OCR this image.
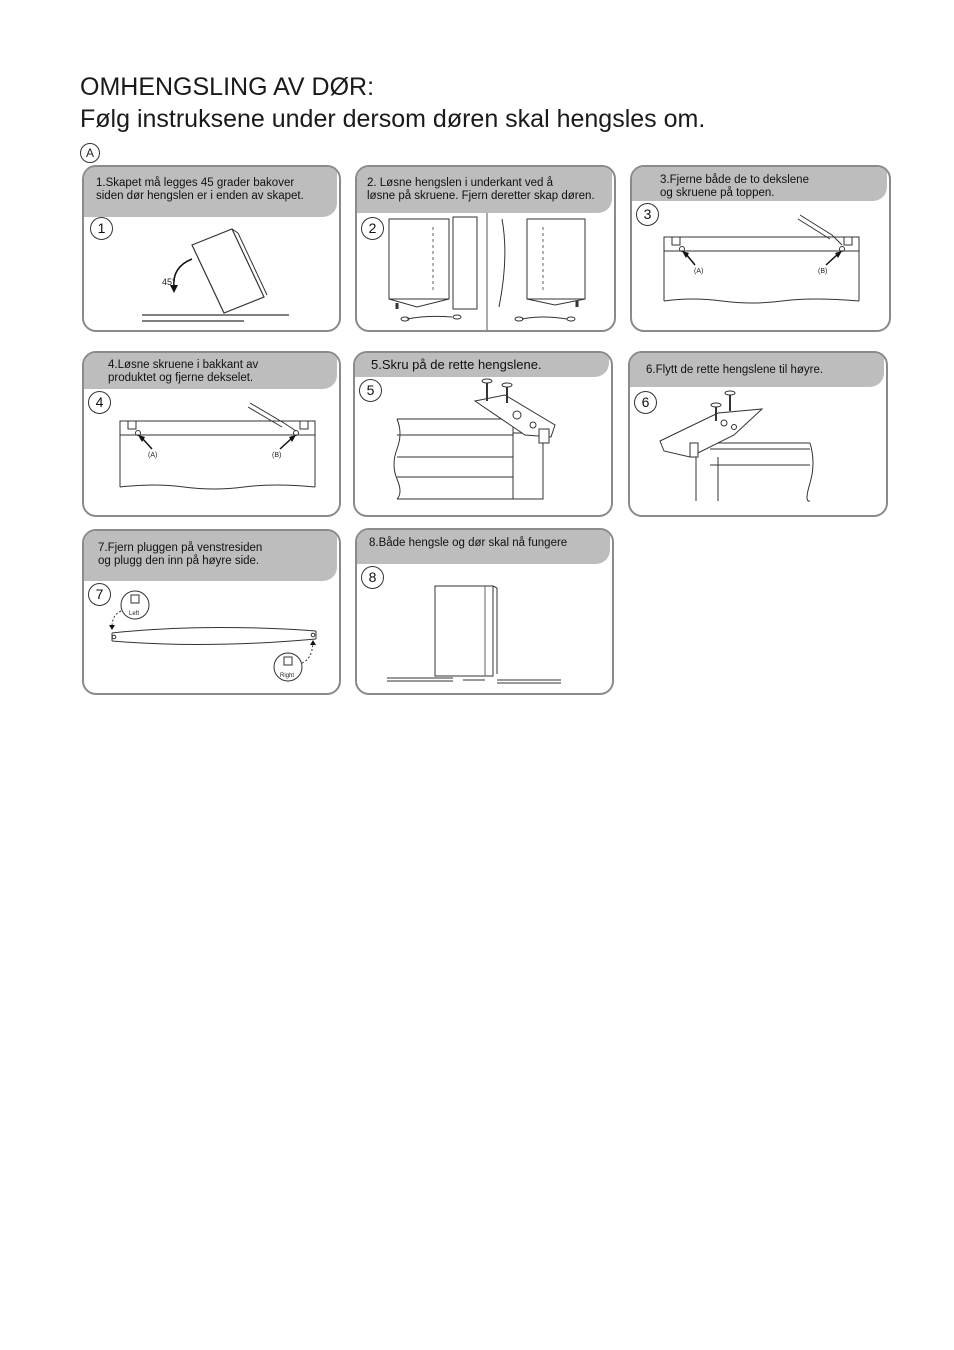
OMHENGSLING AV DØR:
Følg instruksene under dersom døren skal hengsles om.
A
1.Skapet må legges 45 grader bakover
siden dør hengslen er i enden av skapet.
1
45°
2. Løsne hengslen i underkant ved å
løsne på skruene. Fjern deretter skap døren.
2
3.Fjerne både de to dekslene
og skruene på toppen.
3
(A)	(B)
4.Løsne skruene i bakkant av
produktet og fjerne dekselet.
4
(A)	(B)
5.Skru på de rette hengslene.
5
6.Flytt de rette hengslene til høyre.
6
7.Fjern pluggen på venstresiden
og plugg den inn på høyre side.
7
Left
Right
8.Både hengsle og dør skal nå fungere
8
